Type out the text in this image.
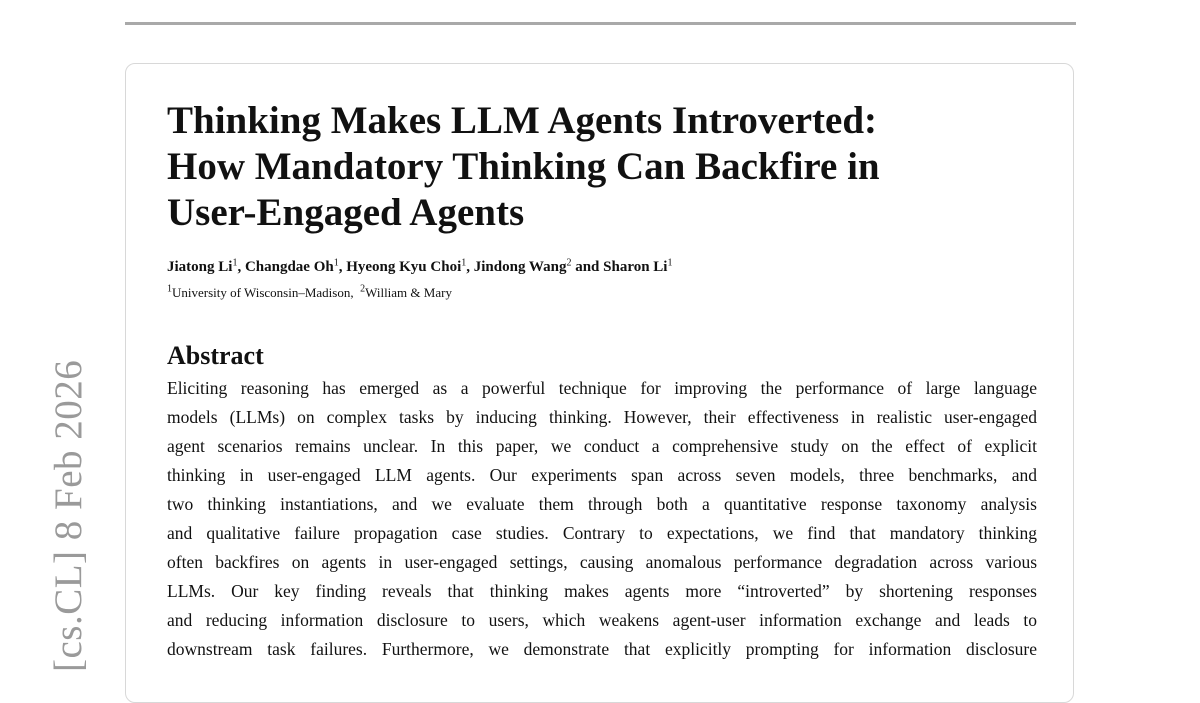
[cs.CL] 8 Feb 2026
Thinking Makes LLM Agents Introverted:
How Mandatory Thinking Can Backfire in
User-Engaged Agents
Jiatong Li$^1$, Changdae Oh$^1$, Hyeong Kyu Choi$^1$, Jindong Wang$^2$ and Sharon Li$^1$
$^1$University of Wisconsin–Madison,  $^2$William & Mary
Abstract
Eliciting reasoning has emerged as a powerful technique for improving the performance of large language
models (LLMs) on complex tasks by inducing thinking. However, their effectiveness in realistic user-engaged
agent scenarios remains unclear. In this paper, we conduct a comprehensive study on the effect of explicit
thinking in user-engaged LLM agents. Our experiments span across seven models, three benchmarks, and
two thinking instantiations, and we evaluate them through both a quantitative response taxonomy analysis
and qualitative failure propagation case studies. Contrary to expectations, we find that mandatory thinking
often backfires on agents in user-engaged settings, causing anomalous performance degradation across various
LLMs. Our key finding reveals that thinking makes agents more “introverted” by shortening responses
and reducing information disclosure to users, which weakens agent-user information exchange and leads to
downstream task failures. Furthermore, we demonstrate that explicitly prompting for information disclosure
